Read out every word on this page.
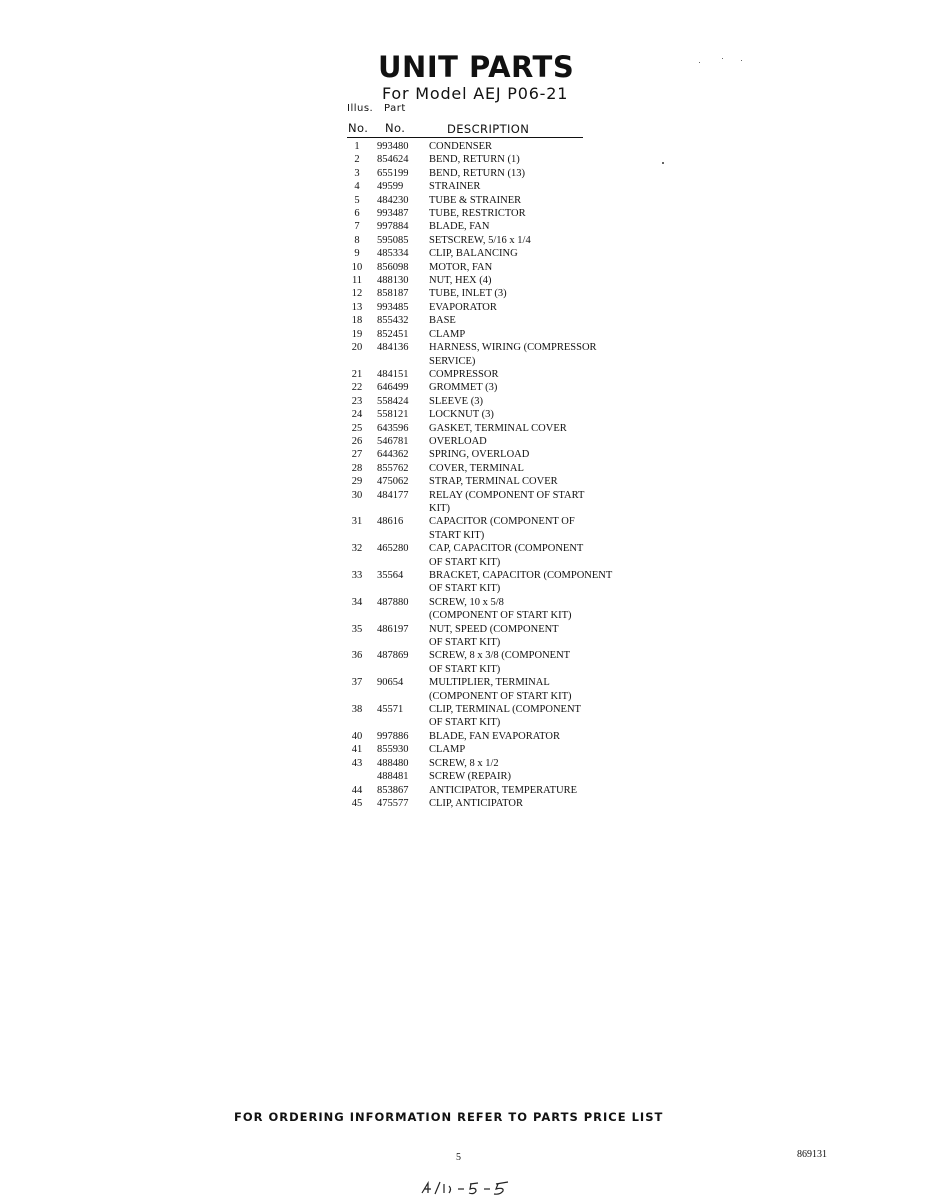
UNIT PARTS
For Model AEJ P06-21
Illus. Part
No. No.	DESCRIPTION
1	993480	CONDENSER
2	854624	BEND, RETURN (1)
3	655199	BEND, RETURN (13)
4	49599	STRAINER
5	484230	TUBE & STRAINER
6	993487	TUBE, RESTRICTOR
7	997884	BLADE, FAN
8	595085	SETSCREW, 5/16 x 1/4
9	485334	CLIP, BALANCING
10	856098	MOTOR, FAN
11	488130	NUT, HEX (4)
12	858187	TUBE, INLET (3)
13	993485	EVAPORATOR
18	855432	BASE
19	852451	CLAMP
20	484136	HARNESS, WIRING (COMPRESSOR
		SERVICE)
21	484151	COMPRESSOR
22	646499	GROMMET (3)
23	558424	SLEEVE (3)
24	558121	LOCKNUT (3)
25	643596	GASKET, TERMINAL COVER
26	546781	OVERLOAD
27	644362	SPRING, OVERLOAD
28	855762	COVER, TERMINAL
29	475062	STRAP, TERMINAL COVER
30	484177	RELAY (COMPONENT OF START
		KIT)
31	48616	CAPACITOR (COMPONENT OF
		START KIT)
32	465280	CAP, CAPACITOR (COMPONENT
		OF START KIT)
33	35564	BRACKET, CAPACITOR (COMPONENT
		OF START KIT)
34	487880	SCREW, 10 x 5/8
		(COMPONENT OF START KIT)
35	486197	NUT, SPEED (COMPONENT
		OF START KIT)
36	487869	SCREW, 8 x 3/8 (COMPONENT
		OF START KIT)
37	90654	MULTIPLIER, TERMINAL
		(COMPONENT OF START KIT)
38	45571	CLIP, TERMINAL (COMPONENT
		OF START KIT)
40	997886	BLADE, FAN EVAPORATOR
41	855930	CLAMP
43	488480	SCREW, 8 x 1/2
	488481	SCREW (REPAIR)
44	853867	ANTICIPATOR, TEMPERATURE
45	475577	CLIP, ANTICIPATOR
FOR ORDERING INFORMATION REFER TO PARTS PRICE LIST
5	869131
